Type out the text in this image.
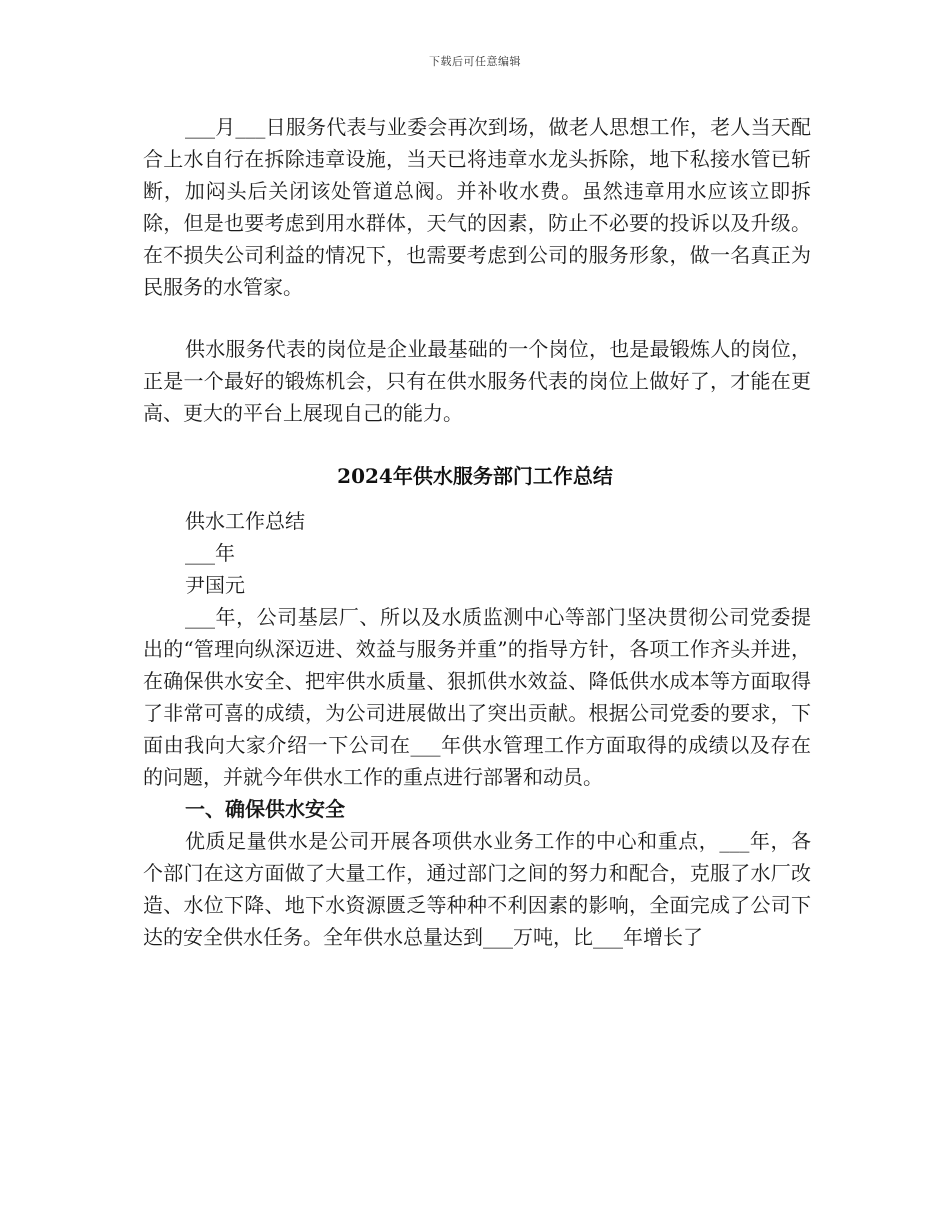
下载后可任意编辑

___月___日服务代表与业委会再次到场，做老人思想工作，老人当天配合上水自行在拆除违章设施，当天已将违章水龙头拆除，地下私接水管已斩断，加闷头后关闭该处管道总阀。并补收水费。虽然违章用水应该立即拆除，但是也要考虑到用水群体，天气的因素，防止不必要的投诉以及升级。在不损失公司利益的情况下，也需要考虑到公司的服务形象，做一名真正为民服务的水管家。

供水服务代表的岗位是企业最基础的一个岗位，也是最锻炼人的岗位，正是一个最好的锻炼机会，只有在供水服务代表的岗位上做好了，才能在更高、更大的平台上展现自己的能力。

2024年供水服务部门工作总结

供水工作总结

___年

尹国元

___年，公司基层厂、所以及水质监测中心等部门坚决贯彻公司党委提出的“管理向纵深迈进、效益与服务并重”的指导方针，各项工作齐头并进，在确保供水安全、把牢供水质量、狠抓供水效益、降低供水成本等方面取得了非常可喜的成绩，为公司进展做出了突出贡献。根据公司党委的要求，下面由我向大家介绍一下公司在___年供水管理工作方面取得的成绩以及存在的问题，并就今年供水工作的重点进行部署和动员。

一、确保供水安全

优质足量供水是公司开展各项供水业务工作的中心和重点，___年，各个部门在这方面做了大量工作，通过部门之间的努力和配合，克服了水厂改造、水位下降、地下水资源匮乏等种种不利因素的影响，全面完成了公司下达的安全供水任务。全年供水总量达到___万吨，比___年增长了
